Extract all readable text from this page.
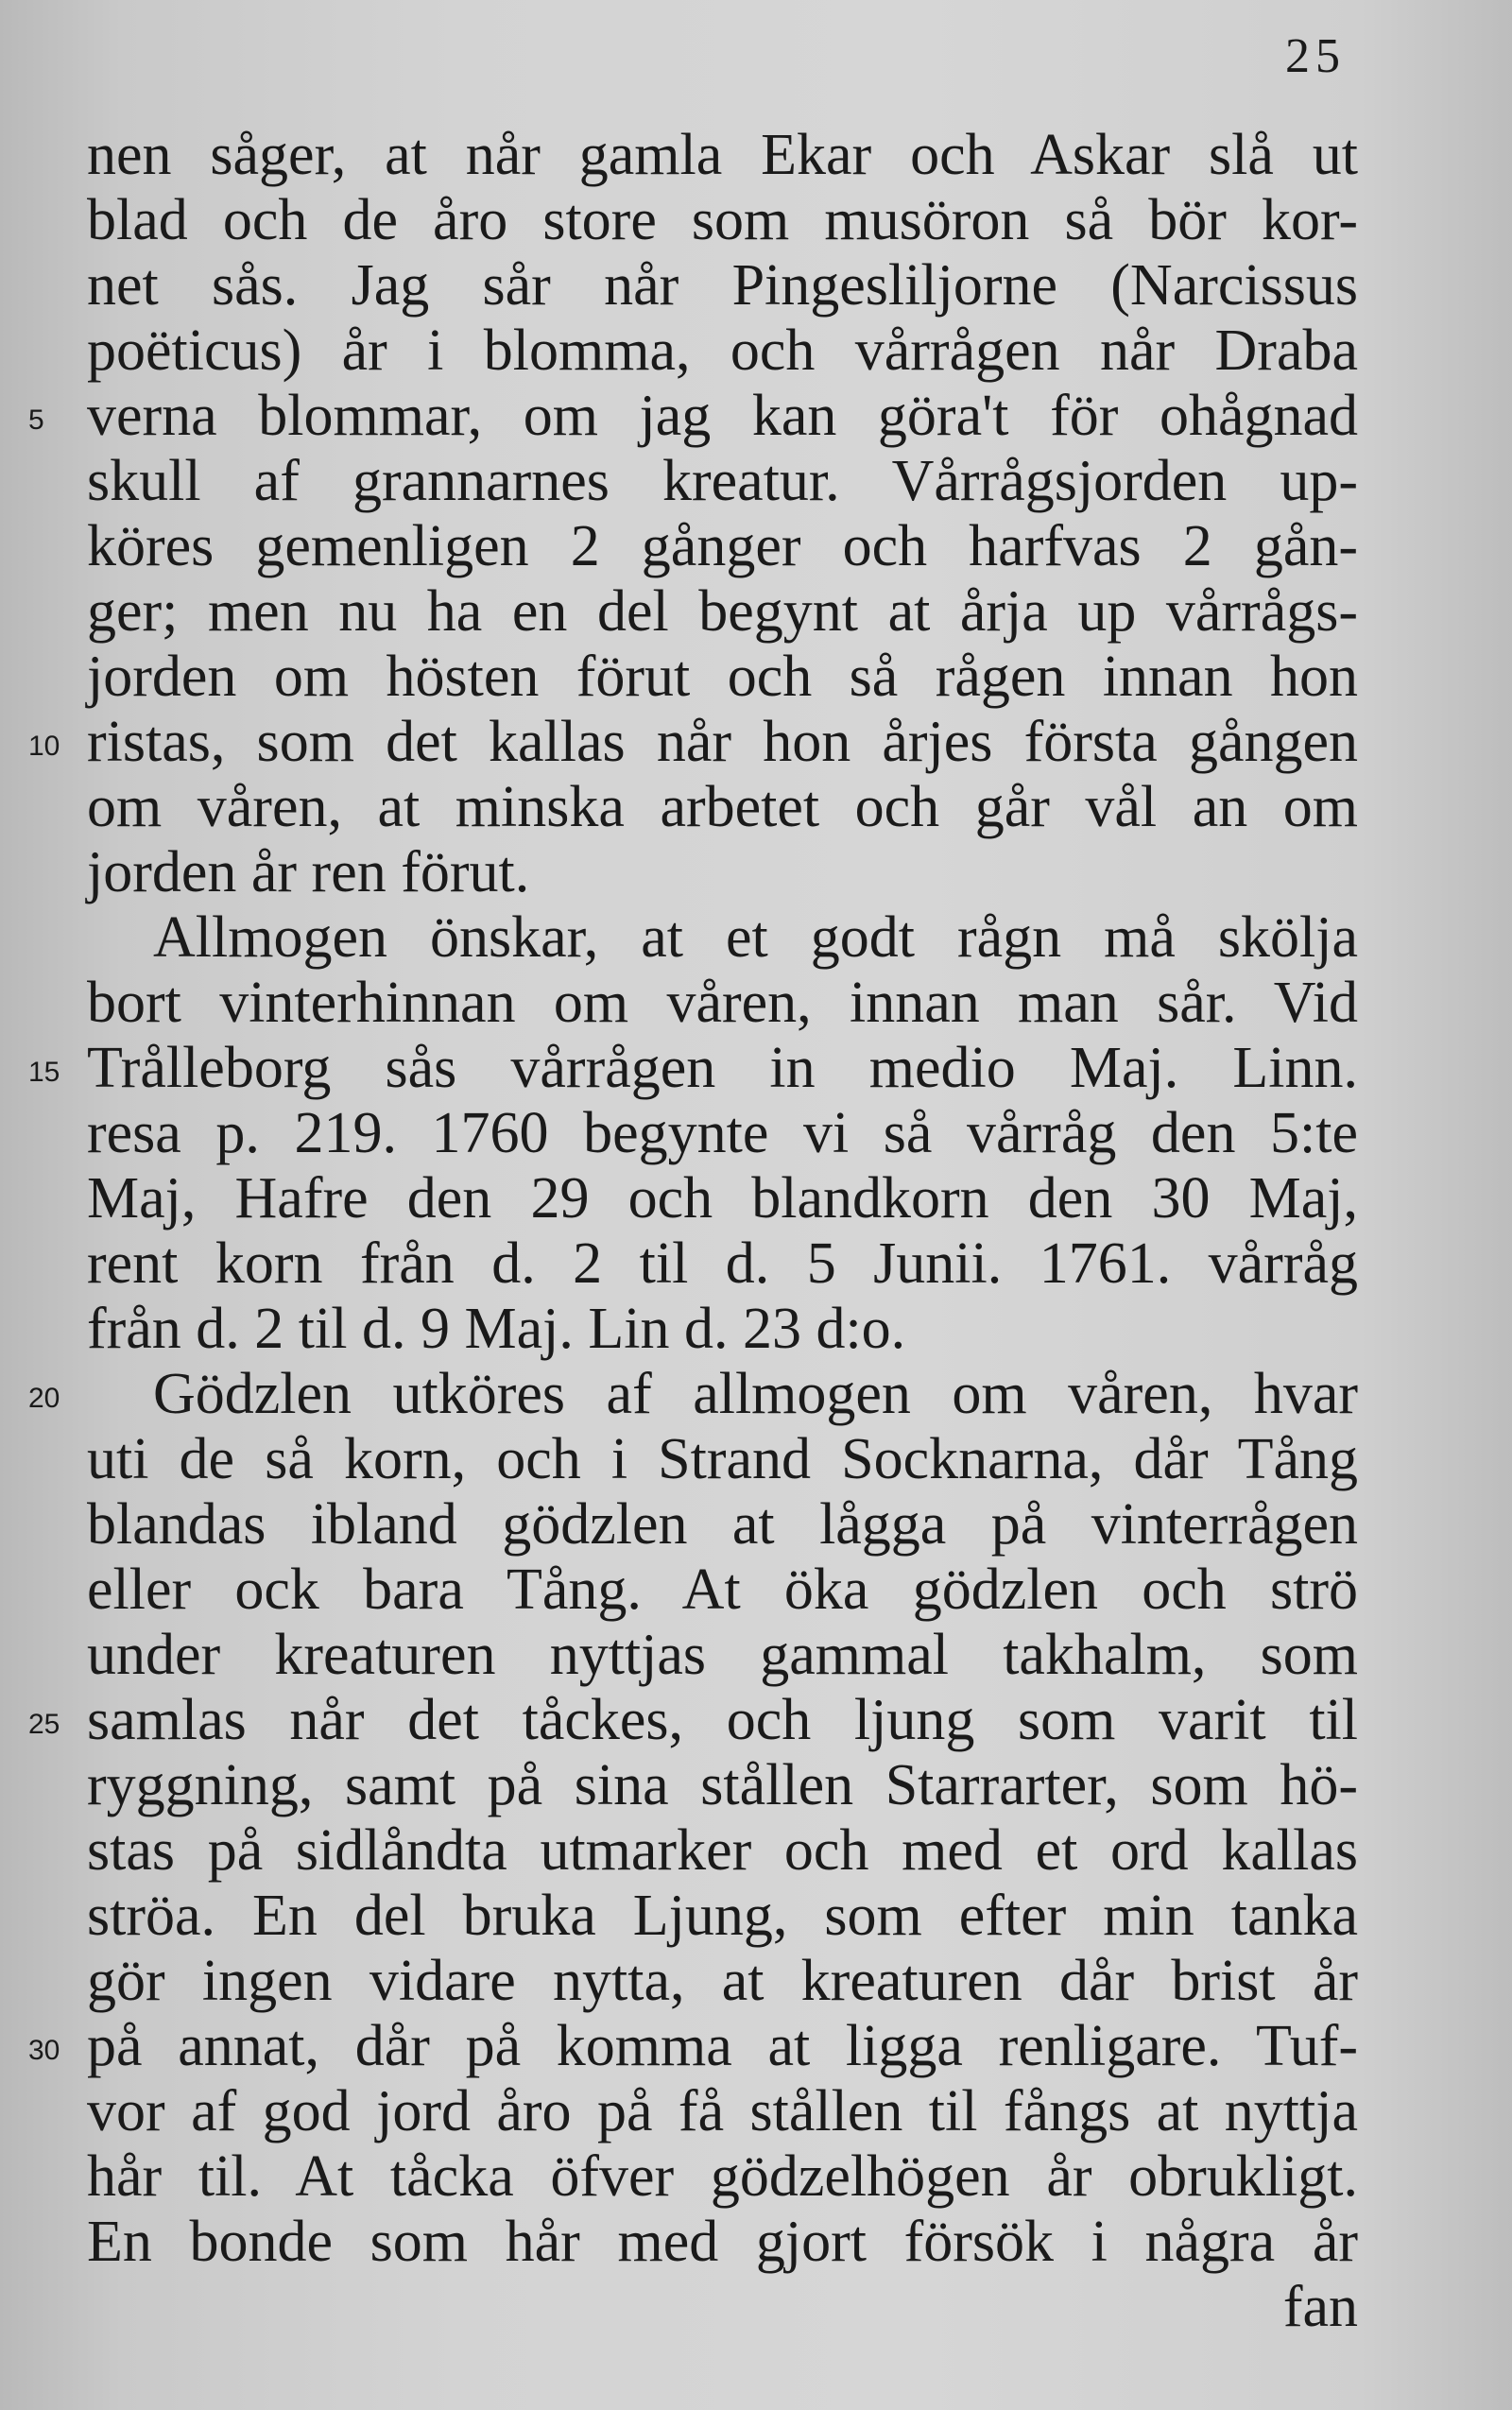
25
nen såger, at når gamla Ekar och Askar slå ut
blad och de åro store som musöron så bör kor-
net sås. Jag sår når Pingesliljorne (Narcissus
poëticus) år i blomma, och vårrågen når Draba
5 verna blommar, om jag kan göra't för ohågnad
skull af grannarnes kreatur. Vårrågsjorden up-
köres gemenligen 2 gånger och harfvas 2 gån-
ger; men nu ha en del begynt at årja up vårrågs-
jorden om hösten förut och så rågen innan hon
10 ristas, som det kallas når hon årjes första gången
om våren, at minska arbetet och går vål an om
jorden år ren förut.
Allmogen önskar, at et godt rågn må skölja
bort vinterhinnan om våren, innan man sår. Vid
15 Trålleborg sås vårrågen in medio Maj. Linn.
resa p. 219. 1760 begynte vi så vårråg den 5:te
Maj, Hafre den 29 och blandkorn den 30 Maj,
rent korn från d. 2 til d. 5 Junii. 1761. vårråg
från d. 2 til d. 9 Maj. Lin d. 23 d:o.
20 Gödzlen utköres af allmogen om våren, hvar
uti de så korn, och i Strand Socknarna, dår Tång
blandas ibland gödzlen at lågga på vinterrågen
eller ock bara Tång. At öka gödzlen och strö
under kreaturen nyttjas gammal takhalm, som
25 samlas når det tåckes, och ljung som varit til
ryggning, samt på sina stållen Starrarter, som hö-
stas på sidlåndta utmarker och med et ord kallas
ströa. En del bruka Ljung, som efter min tanka
gör ingen vidare nytta, at kreaturen dår brist år
30 på annat, dår på komma at ligga renligare. Tuf-
vor af god jord åro på få stållen til fångs at nyttja
hår til. At tåcka öfver gödzelhögen år obrukligt.
En bonde som hår med gjort försök i några år
fan
